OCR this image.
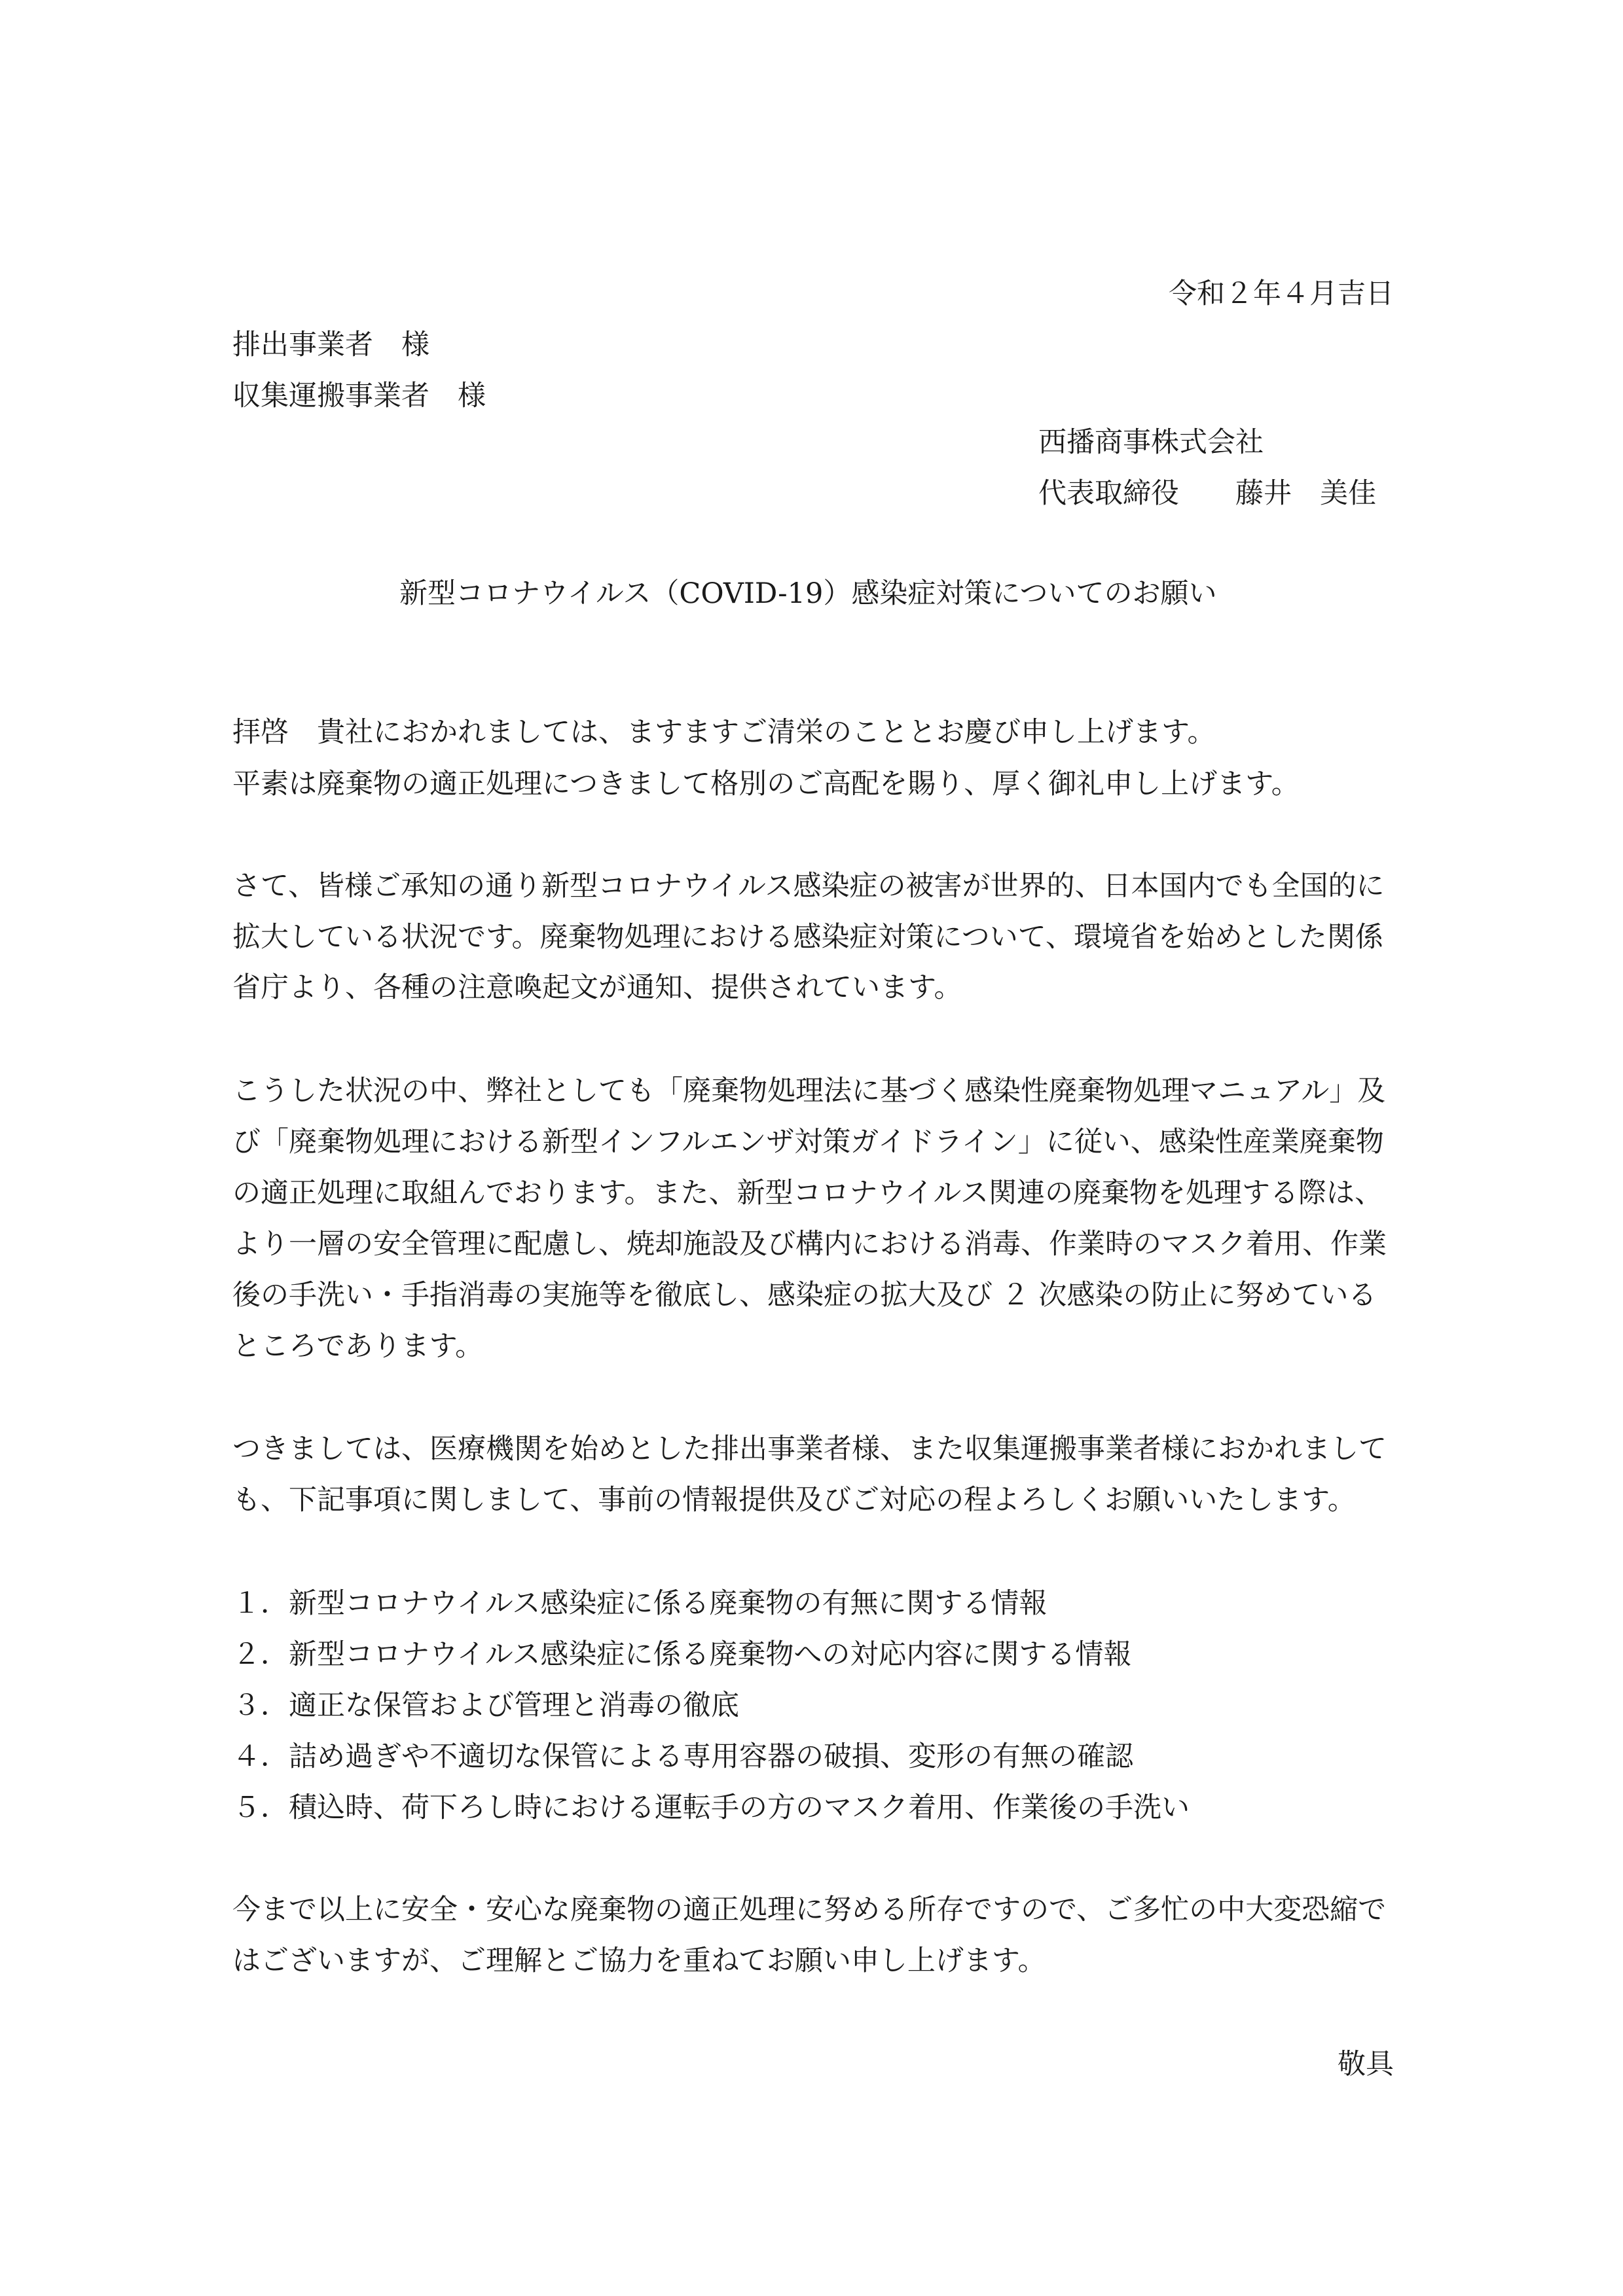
令和２年４月吉日
排出事業者　様
収集運搬事業者　様
西播商事株式会社
代表取締役　　藤井　美佳
新型コロナウイルス（COVID-19）感染症対策についてのお願い
拝啓　貴社におかれましては、ますますご清栄のこととお慶び申し上げます。
平素は廃棄物の適正処理につきまして格別のご高配を賜り、厚く御礼申し上げます。
さて、皆様ご承知の通り新型コロナウイルス感染症の被害が世界的、日本国内でも全国的に
拡大している状況です。廃棄物処理における感染症対策について、環境省を始めとした関係
省庁より、各種の注意喚起文が通知、提供されています。
こうした状況の中、弊社としても「廃棄物処理法に基づく感染性廃棄物処理マニュアル」及
び「廃棄物処理における新型インフルエンザ対策ガイドライン」に従い、感染性産業廃棄物
の適正処理に取組んでおります。また、新型コロナウイルス関連の廃棄物を処理する際は、
より一層の安全管理に配慮し、焼却施設及び構内における消毒、作業時のマスク着用、作業
後の手洗い・手指消毒の実施等を徹底し、感染症の拡大及び ２ 次感染の防止に努めている
ところであります。
つきましては、医療機関を始めとした排出事業者様、また収集運搬事業者様におかれまして
も、下記事項に関しまして、事前の情報提供及びご対応の程よろしくお願いいたします。
１．新型コロナウイルス感染症に係る廃棄物の有無に関する情報
２．新型コロナウイルス感染症に係る廃棄物への対応内容に関する情報
３．適正な保管および管理と消毒の徹底
４．詰め過ぎや不適切な保管による専用容器の破損、変形の有無の確認
５．積込時、荷下ろし時における運転手の方のマスク着用、作業後の手洗い
今まで以上に安全・安心な廃棄物の適正処理に努める所存ですので、ご多忙の中大変恐縮で
はございますが、ご理解とご協力を重ねてお願い申し上げます。
敬具
